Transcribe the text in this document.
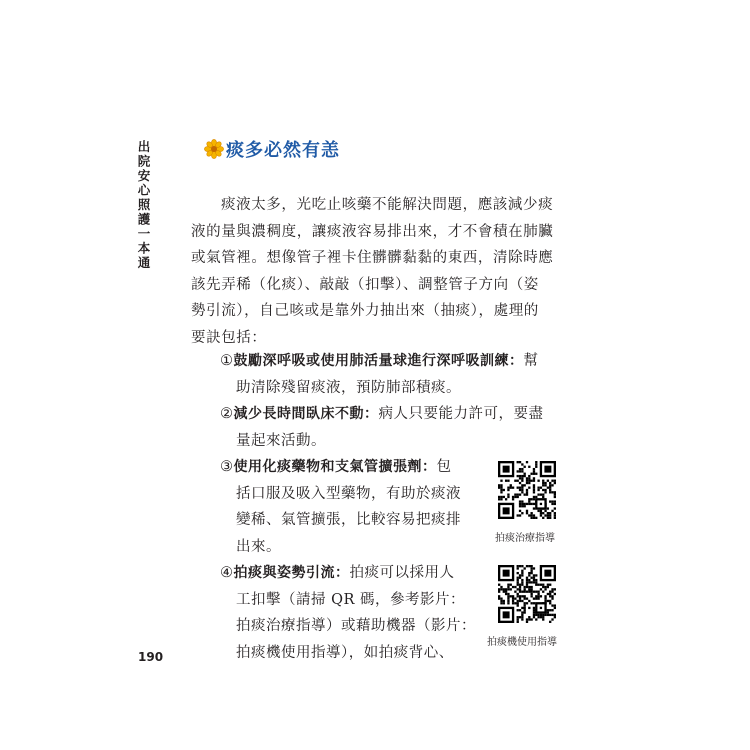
出院安心照護一本通
190
痰多必然有恙
痰液太多，光吃止咳藥不能解決問題，應該減少痰
液的量與濃稠度，讓痰液容易排出來，才不會積在肺臟
或氣管裡。想像管子裡卡住髒髒黏黏的東西，清除時應
該先弄稀（化痰）、敲敲（扣擊）、調整管子方向（姿
勢引流），自己咳或是靠外力抽出來（抽痰），處理的
要訣包括：
①鼓勵深呼吸或使用肺活量球進行深呼吸訓練：幫
助清除殘留痰液，預防肺部積痰。
②減少長時間臥床不動：病人只要能力許可，要盡
量起來活動。
③使用化痰藥物和支氣管擴張劑：包
括口服及吸入型藥物，有助於痰液
變稀、氣管擴張，比較容易把痰排
出來。
④拍痰與姿勢引流：拍痰可以採用人
工扣擊（請掃 QR 碼，參考影片：
拍痰治療指導）或藉助機器（影片：
拍痰機使用指導），如拍痰背心、
拍痰治療指導
拍痰機使用指導
